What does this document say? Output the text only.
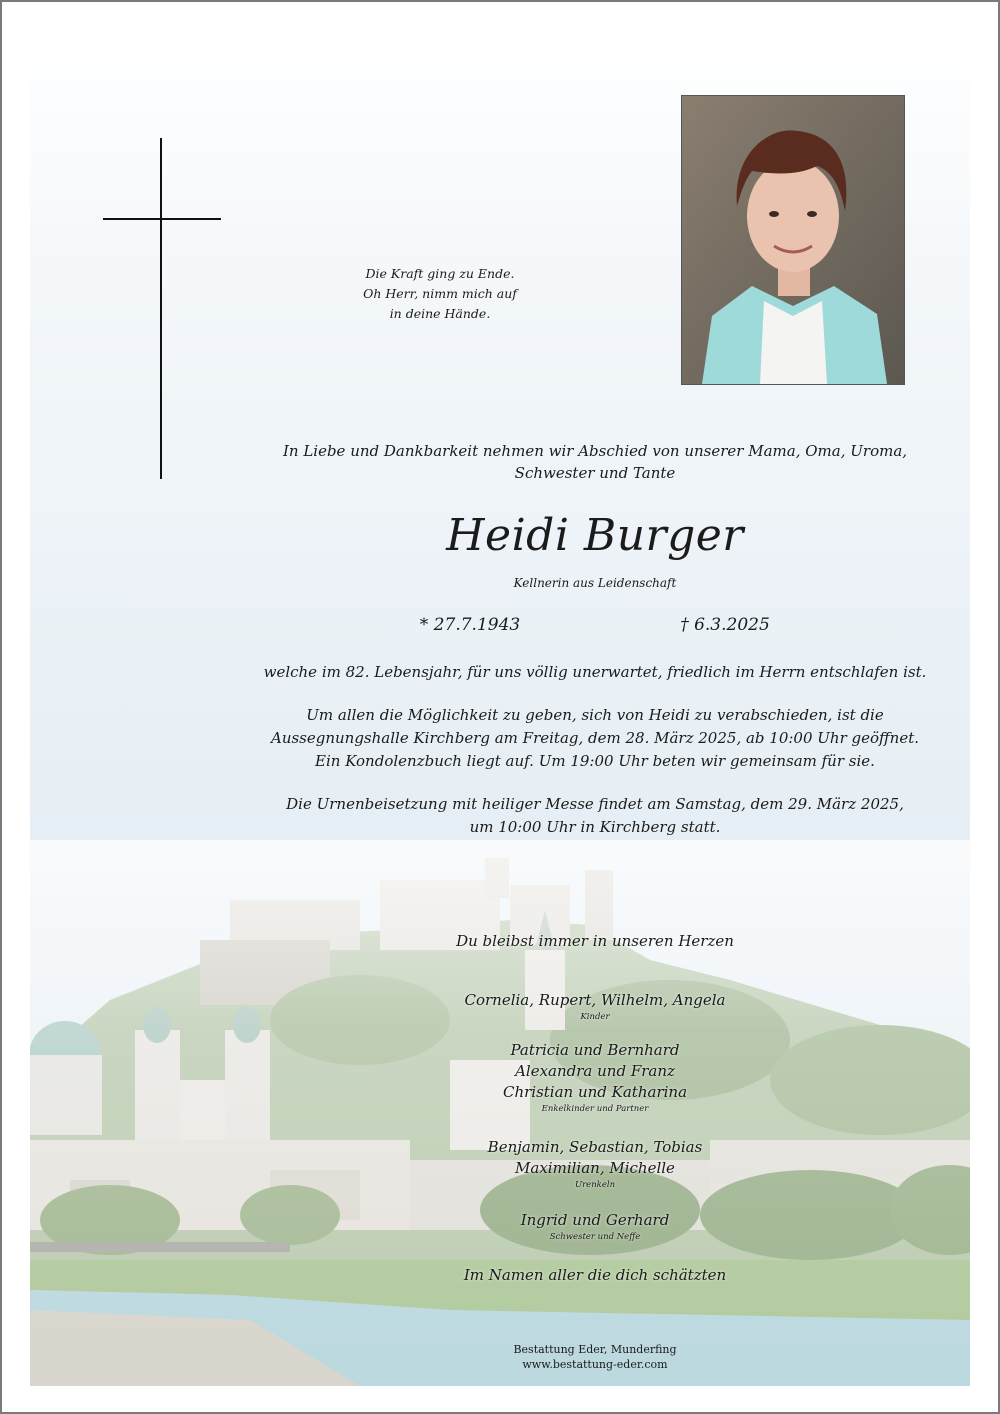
Die Kraft ging zu Ende.
Oh Herr, nimm mich auf
in deine Hände.
In Liebe und Dankbarkeit nehmen wir Abschied von unserer Mama, Oma, Uroma,
Schwester und Tante
Heidi Burger
Kellnerin aus Leidenschaft
* 27.7.1943	† 6.3.2025
welche im 82. Lebensjahr, für uns völlig unerwartet, friedlich im Herrn entschlafen ist.
Um allen die Möglichkeit zu geben, sich von Heidi zu verabschieden, ist die
Aussegnungshalle Kirchberg am Freitag, dem 28. März 2025, ab 10:00 Uhr geöffnet.
Ein Kondolenzbuch liegt auf. Um 19:00 Uhr beten wir gemeinsam für sie.
Die Urnenbeisetzung mit heiliger Messe findet am Samstag, dem 29. März 2025,
um 10:00 Uhr in Kirchberg statt.
Du bleibst immer in unseren Herzen
Cornelia, Rupert, Wilhelm, Angela
Kinder
Patricia und Bernhard
Alexandra und Franz
Christian und Katharina
Enkelkinder und Partner
Benjamin, Sebastian, Tobias
Maximilian, Michelle
Urenkeln
Ingrid und Gerhard
Schwester und Neffe
Im Namen aller die dich schätzten
Bestattung Eder, Munderfing
www.bestattung-eder.com
